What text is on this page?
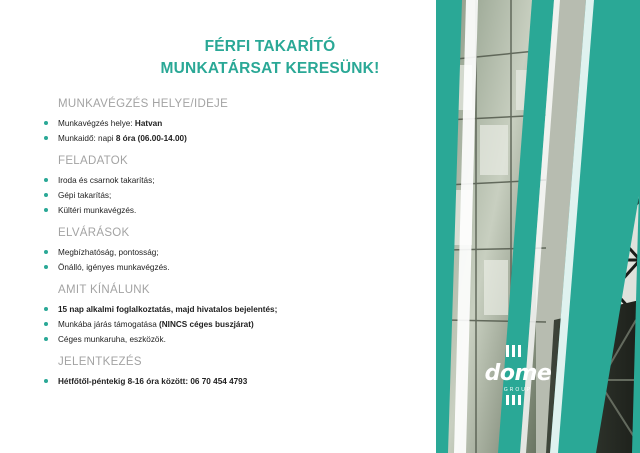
FÉRFI TAKARÍTÓ
MUNKATÁRSAT KERESÜNK!
MUNKAVÉGZÉS HELYE/IDEJE
Munkavégzés helye: Hatvan
Munkaidő: napi 8 óra (06.00-14.00)
FELADATOK
Iroda és csarnok takarítás;
Gépi takarítás;
Kültéri munkavégzés.
ELVÁRÁSOK
Megbízhatóság, pontosság;
Önálló, igényes munkavégzés.
AMIT KÍNÁLUNK
15 nap alkalmi foglalkoztatás, majd hivatalos bejelentés;
Munkába járás támogatása (NINCS céges buszjárat)
Céges munkaruha, eszközök.
JELENTKEZÉS
Hétfőtől-péntekig 8-16 óra között: 06 70 454 4793	dome
GROUP
